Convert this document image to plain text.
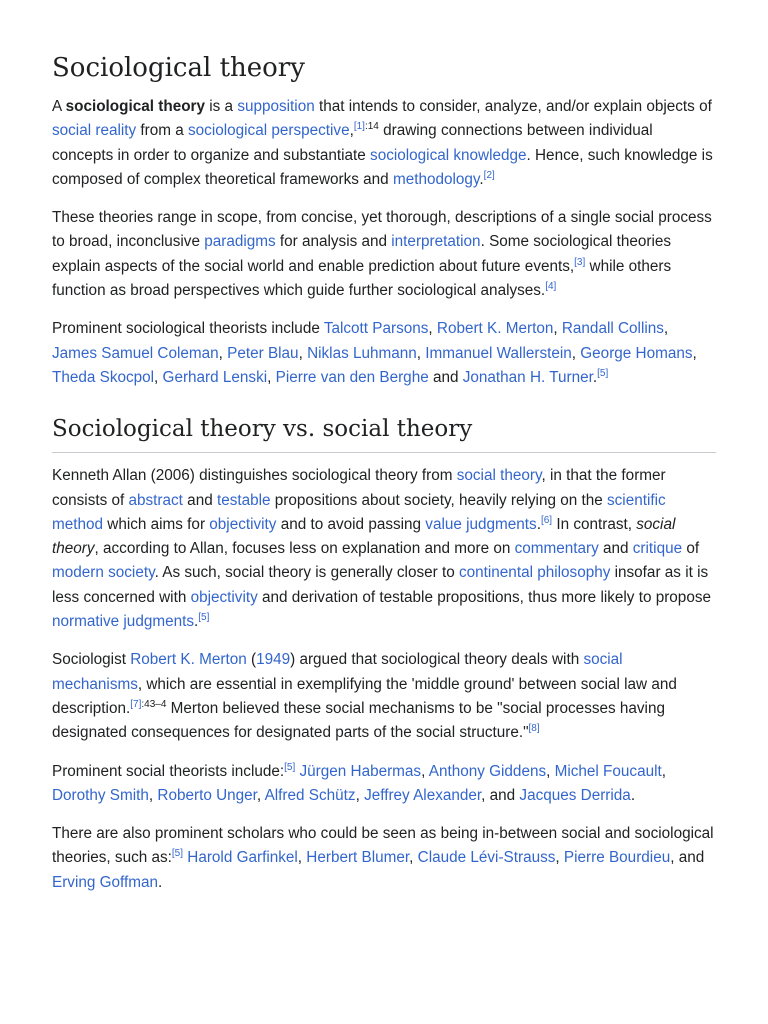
Sociological theory

A sociological theory is a supposition that intends to consider, analyze, and/or explain objects of social reality from a sociological perspective,$^{[1]:14}$ drawing connections between individual concepts in order to organize and substantiate sociological knowledge. Hence, such knowledge is composed of complex theoretical frameworks and methodology.[2]

These theories range in scope, from concise, yet thorough, descriptions of a single social process to broad, inconclusive paradigms for analysis and interpretation. Some sociological theories explain aspects of the social world and enable prediction about future events,[3] while others function as broad perspectives which guide further sociological analyses.[4]

Prominent sociological theorists include Talcott Parsons, Robert K. Merton, Randall Collins, James Samuel Coleman, Peter Blau, Niklas Luhmann, Immanuel Wallerstein, George Homans, Theda Skocpol, Gerhard Lenski, Pierre van den Berghe and Jonathan H. Turner.[5]

Sociological theory vs. social theory

Kenneth Allan (2006) distinguishes sociological theory from social theory, in that the former consists of abstract and testable propositions about society, heavily relying on the scientific method which aims for objectivity and to avoid passing value judgments.[6] In contrast, social theory, according to Allan, focuses less on explanation and more on commentary and critique of modern society. As such, social theory is generally closer to continental philosophy insofar as it is less concerned with objectivity and derivation of testable propositions, thus more likely to propose normative judgments.[5]

Sociologist Robert K. Merton (1949) argued that sociological theory deals with social mechanisms, which are essential in exemplifying the 'middle ground' between social law and description.$^{[7]:43-4}$ Merton believed these social mechanisms to be "social processes having designated consequences for designated parts of the social structure."[8]

Prominent social theorists include:[5] Jürgen Habermas, Anthony Giddens, Michel Foucault, Dorothy Smith, Roberto Unger, Alfred Schütz, Jeffrey Alexander, and Jacques Derrida.

There are also prominent scholars who could be seen as being in-between social and sociological theories, such as:[5] Harold Garfinkel, Herbert Blumer, Claude Lévi-Strauss, Pierre Bourdieu, and Erving Goffman.
